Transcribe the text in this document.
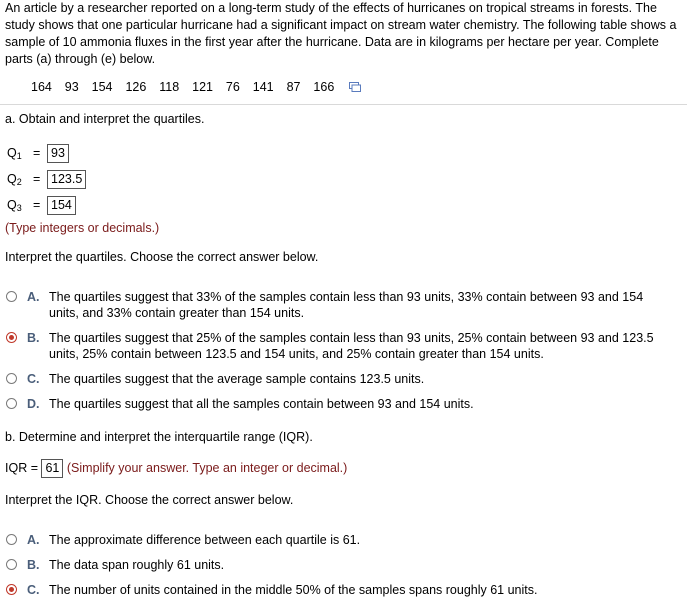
An article by a researcher reported on a long-term study of the effects of hurricanes on tropical streams in forests. The study shows that one particular hurricane had a significant impact on stream water chemistry. The following table shows a sample of 10 ammonia fluxes in the first year after the hurricane. Data are in kilograms per hectare per year. Complete parts (a) through (e) below.
164  93  154  126  118  121  76  141  87  166
a. Obtain and interpret the quartiles.
$Q_1 = 93$
$Q_2 = 123.5$
$Q_3 = 154$
(Type integers or decimals.)
Interpret the quartiles. Choose the correct answer below.
A. The quartiles suggest that 33% of the samples contain less than 93 units, 33% contain between 93 and 154 units, and 33% contain greater than 154 units.
B. The quartiles suggest that 25% of the samples contain less than 93 units, 25% contain between 93 and 123.5 units, 25% contain between 123.5 and 154 units, and 25% contain greater than 154 units.
C. The quartiles suggest that the average sample contains 123.5 units.
D. The quartiles suggest that all the samples contain between 93 and 154 units.
b. Determine and interpret the interquartile range (IQR).
IQR = 61 (Simplify your answer. Type an integer or decimal.)
Interpret the IQR. Choose the correct answer below.
A. The approximate difference between each quartile is 61.
B. The data span roughly 61 units.
C. The number of units contained in the middle 50% of the samples spans roughly 61 units.
